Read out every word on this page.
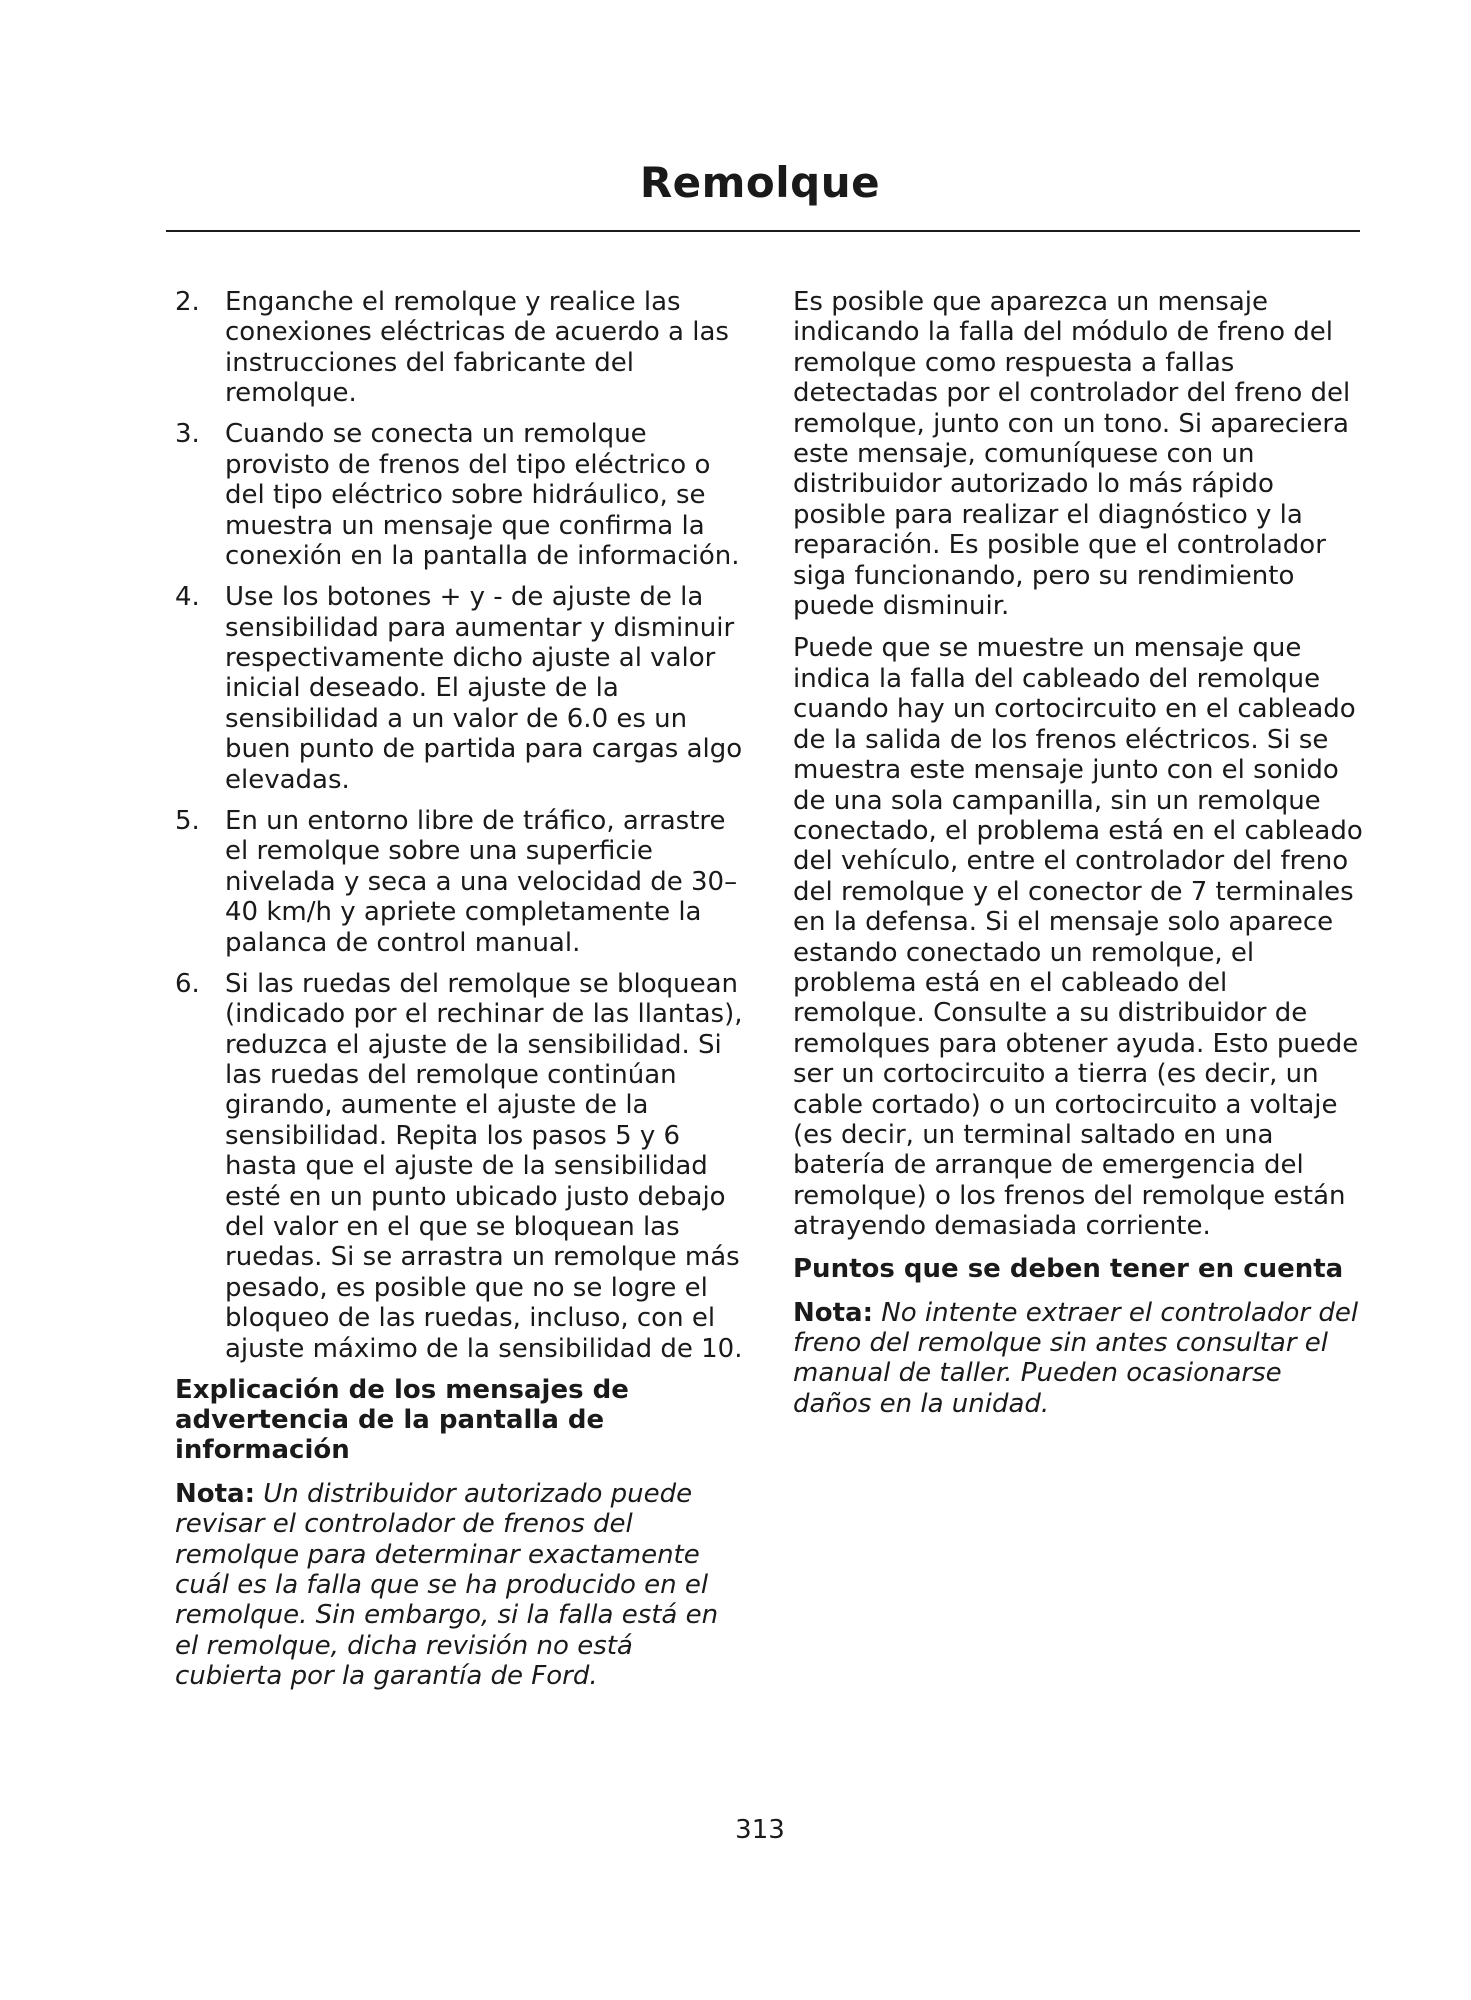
Remolque
2. Enganche el remolque y realice las conexiones eléctricas de acuerdo a las instrucciones del fabricante del remolque.
3. Cuando se conecta un remolque provisto de frenos del tipo eléctrico o del tipo eléctrico sobre hidráulico, se muestra un mensaje que confirma la conexión en la pantalla de información.
4. Use los botones + y - de ajuste de la sensibilidad para aumentar y disminuir respectivamente dicho ajuste al valor inicial deseado. El ajuste de la sensibilidad a un valor de 6.0 es un buen punto de partida para cargas algo elevadas.
5. En un entorno libre de tráfico, arrastre el remolque sobre una superficie nivelada y seca a una velocidad de 30–40 km/h y apriete completamente la palanca de control manual.
6. Si las ruedas del remolque se bloquean (indicado por el rechinar de las llantas), reduzca el ajuste de la sensibilidad. Si las ruedas del remolque continúan girando, aumente el ajuste de la sensibilidad. Repita los pasos 5 y 6 hasta que el ajuste de la sensibilidad esté en un punto ubicado justo debajo del valor en el que se bloquean las ruedas. Si se arrastra un remolque más pesado, es posible que no se logre el bloqueo de las ruedas, incluso, con el ajuste máximo de la sensibilidad de 10.
Explicación de los mensajes de advertencia de la pantalla de información

Nota: Un distribuidor autorizado puede revisar el controlador de frenos del remolque para determinar exactamente cuál es la falla que se ha producido en el remolque. Sin embargo, si la falla está en el remolque, dicha revisión no está cubierta por la garantía de Ford.

Es posible que aparezca un mensaje indicando la falla del módulo de freno del remolque como respuesta a fallas detectadas por el controlador del freno del remolque, junto con un tono. Si apareciera este mensaje, comuníquese con un distribuidor autorizado lo más rápido posible para realizar el diagnóstico y la reparación. Es posible que el controlador siga funcionando, pero su rendimiento puede disminuir.

Puede que se muestre un mensaje que indica la falla del cableado del remolque cuando hay un cortocircuito en el cableado de la salida de los frenos eléctricos. Si se muestra este mensaje junto con el sonido de una sola campanilla, sin un remolque conectado, el problema está en el cableado del vehículo, entre el controlador del freno del remolque y el conector de 7 terminales en la defensa. Si el mensaje solo aparece estando conectado un remolque, el problema está en el cableado del remolque. Consulte a su distribuidor de remolques para obtener ayuda. Esto puede ser un cortocircuito a tierra (es decir, un cable cortado) o un cortocircuito a voltaje (es decir, un terminal saltado en una batería de arranque de emergencia del remolque) o los frenos del remolque están atrayendo demasiada corriente.

Puntos que se deben tener en cuenta

Nota: No intente extraer el controlador del freno del remolque sin antes consultar el manual de taller. Pueden ocasionarse daños en la unidad.

313
